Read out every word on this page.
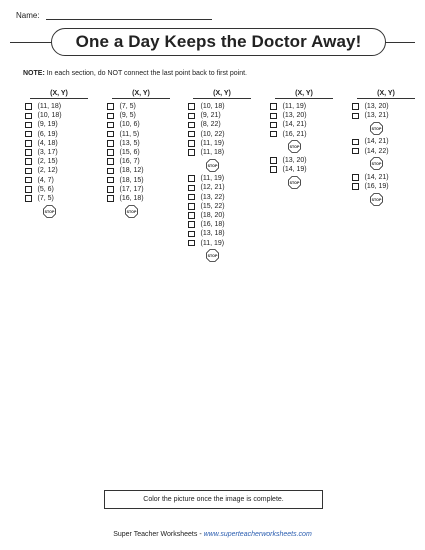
Name:
One a Day Keeps the Doctor Away!
NOTE: In each section, do NOT connect the last point back to first point.
(X, Y)
(11, 18)
(10, 18)
(9, 19)
(6, 19)
(4, 18)
(3, 17)
(2, 15)
(2, 12)
(4, 7)
(5, 6)
(7, 5)
STOP
(X, Y)
(7, 5)
(9, 5)
(10, 6)
(11, 5)
(13, 5)
(15, 6)
(16, 7)
(18, 12)
(18, 15)
(17, 17)
(16, 18)
STOP
(X, Y)
(10, 18)
(9, 21)
(8, 22)
(10, 22)
(11, 19)
(11, 18)
STOP
(11, 19)
(12, 21)
(13, 22)
(15, 22)
(18, 20)
(16, 18)
(13, 18)
(11, 19)
STOP
(X, Y)
(11, 19)
(13, 20)
(14, 21)
(16, 21)
STOP
(13, 20)
(14, 19)
STOP
(X, Y)
(13, 20)
(13, 21)
STOP
(14, 21)
(14, 22)
STOP
(14, 21)
(16, 19)
STOP
Color the picture once the image is complete.
Super Teacher Worksheets - www.superteacherworksheets.com
